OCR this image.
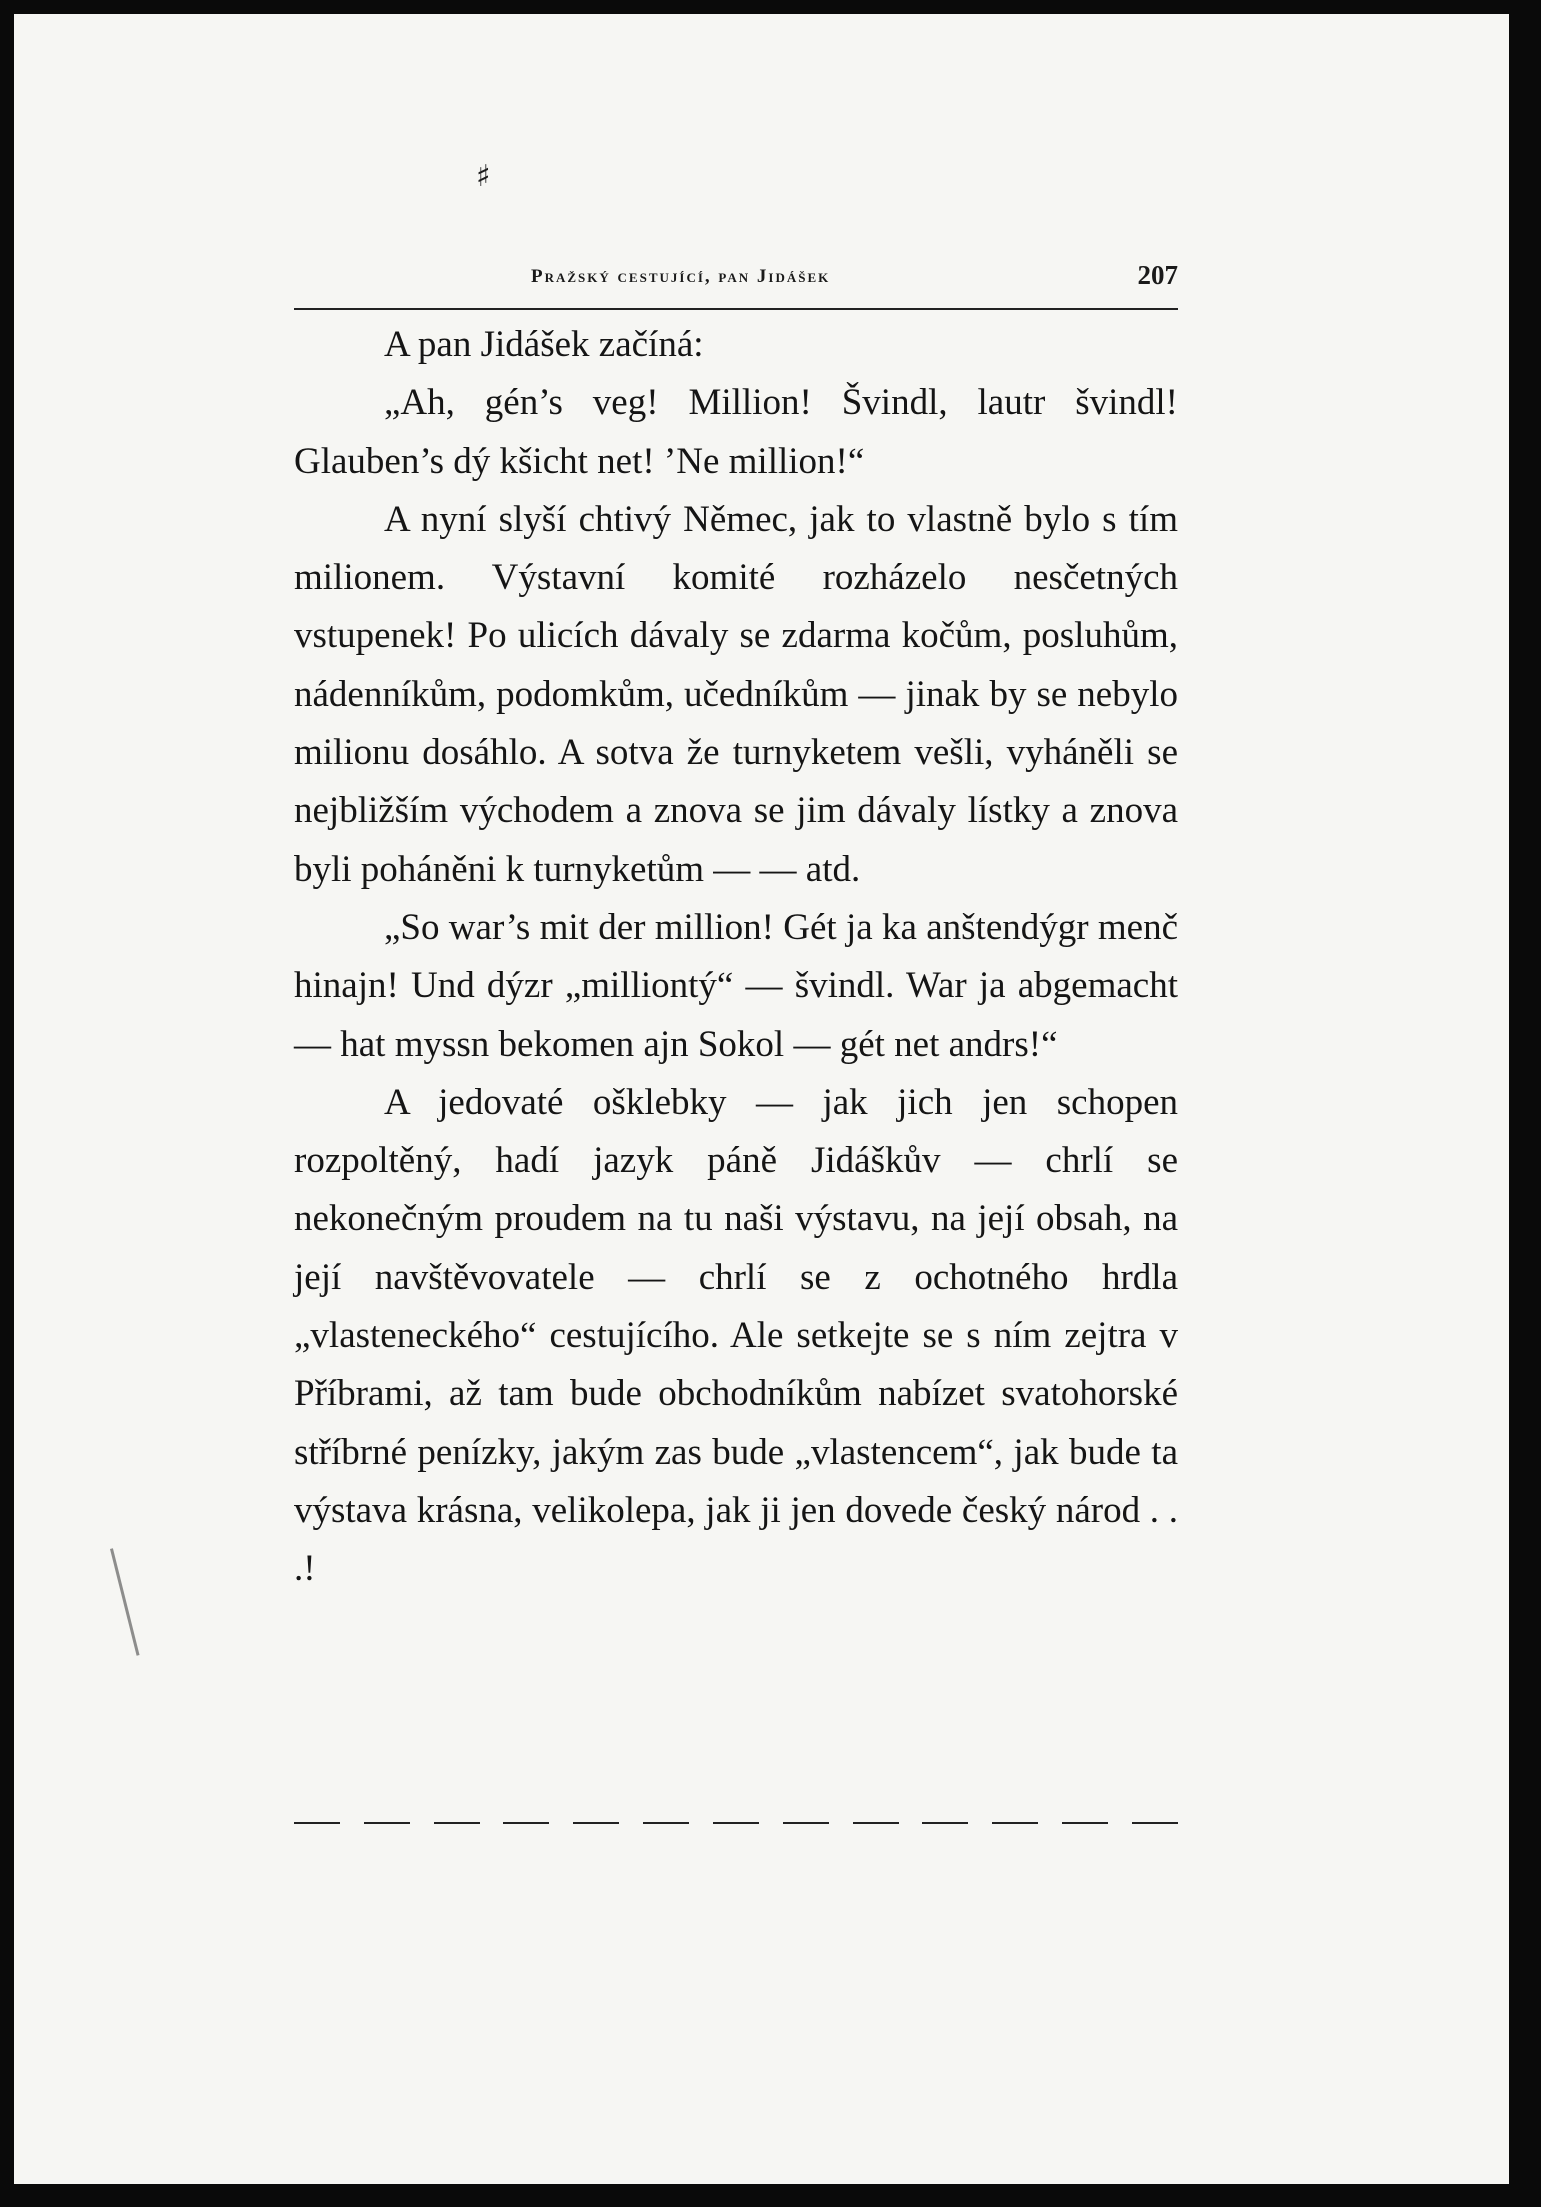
♯
Pražský cestující, pan Jidášek	207

A pan Jidášek začíná:

„Ah, gén’s veg! Million! Švindl, lautr švindl! Glauben’s dý kšicht net! ’Ne million!“

A nyní slyší chtivý Němec, jak to vlastně bylo s tím milionem. Výstavní komité rozházelo nesčetných vstupenek! Po ulicích dávaly se zdarma kočům, posluhům, nádenníkům, podomkům, učedníkům — jinak by se nebylo milionu dosáhlo. A sotva že turnyketem vešli, vyháněli se nejbližším východem a znova se jim dávaly lístky a znova byli poháněni k turnyketům — — atd.

„So war’s mit der million! Gét ja ka anštendýgr menč hinajn! Und dýzr „milliontý“ — švindl. War ja abgemacht — hat myssn bekomen ajn Sokol — gét net andrs!“

A jedovaté ošklebky — jak jich jen schopen rozpoltěný, hadí jazyk páně Jidáškův — chrlí se nekonečným proudem na tu naši výstavu, na její obsah, na její navštěvovatele — chrlí se z ochotného hrdla „vlasteneckého“ cestujícího. Ale setkejte se s ním zejtra v Příbrami, až tam bude obchodníkům nabízet svatohorské stříbrné penízky, jakým zas bude „vlastencem“, jak bude ta výstava krásna, velikolepa, jak ji jen dovede český národ . . .!
